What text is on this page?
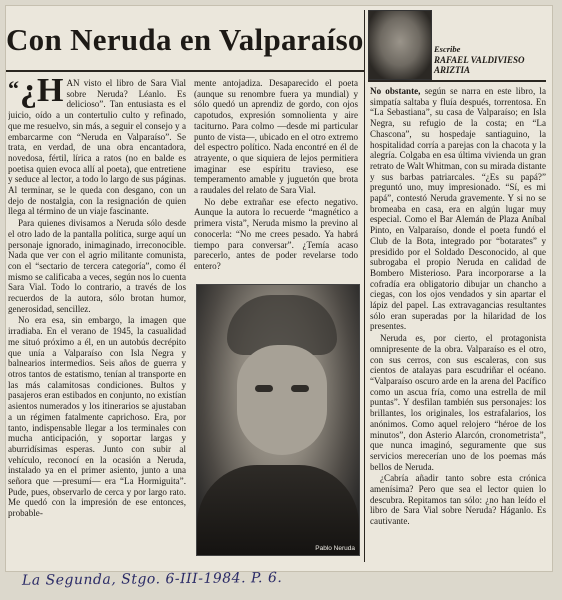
Con Neruda en Valparaíso	Escribe
RAFAEL VALDIVIESO
ARIZTIA

“ ¿H AN visto el libro de Sara Vial sobre Neruda? Léanlo. Es delicioso”. Tan entusiasta es el juicio, oído a un contertulio culto y refinado, que me resuelvo, sin más, a seguir el consejo y a embarcarme con “Neruda en Valparaíso”. Se trata, en verdad, de una obra encantadora, novedosa, fértil, lírica a ratos (no en balde es poetisa quien evoca allí al poeta), que entretiene y seduce al lector, a todo lo largo de sus páginas. Al terminar, se le queda con desgano, con un dejo de nostalgia, con la resignación de quien llega al término de un viaje fascinante.

Para quienes divisamos a Neruda sólo desde el otro lado de la pantalla política, surge aquí un personaje ignorado, inimaginado, irreconocible. Nada que ver con el agrio militante comunista, con el “sectario de tercera categoría”, como él mismo se calificaba a veces, según nos lo cuenta Sara Vial. Todo lo contrario, a través de los recuerdos de la autora, sólo brotan humor, generosidad, sencillez.

No era esa, sin embargo, la imagen que irradiaba. En el verano de 1945, la casualidad me situó próximo a él, en un autobús decrépito que unía a Valparaíso con Isla Negra y balnearios intermedios. Seis años de guerra y otros tantos de estatismo, tenían al transporte en las más calamitosas condiciones. Bultos y pasajeros eran estibados en conjunto, no existían asientos numerados y los itinerarios se ajustaban a un régimen fatalmente caprichoso. Era, por tanto, indispensable llegar a los terminales con mucha anticipación, y soportar largas y aburridísimas esperas. Junto con subir al vehículo, reconocí en la ocasión a Neruda, instalado ya en el primer asiento, junto a una señora que —presumí— era “La Hormiguita”. Pude, pues, observarlo de cerca y por largo rato. Me quedó con la impresión de ese entonces, probable-

mente antojadiza. Desaparecido el poeta (aunque su renombre fuera ya mundial) y sólo quedó un aprendiz de gordo, con ojos capotudos, expresión somnolienta y aire taciturno. Para colmo —desde mi particular punto de vista—, ubicado en el otro extremo del espectro político. Nada encontré en él de atrayente, o que siquiera de lejos permitiera imaginar ese espíritu travieso, ese temperamento amable y juguetón que brota a raudales del relato de Sara Vial.

No debe extrañar ese efecto negativo. Aunque la autora lo recuerde “magnético a primera vista”, Neruda mismo la previno al conocerla: “No me crees pesado. Ya habrá tiempo para conversar”. ¿Temía acaso parecerlo, antes de poder revelarse todo entero?

Pablo Neruda

No obstante, según se narra en este libro, la simpatía saltaba y fluía después, torrentosa. En “La Sebastiana”, su casa de Valparaíso; en Isla Negra, su refugio de la costa; en “La Chascona”, su hospedaje santiaguino, la hospitalidad corría a parejas con la chacota y la alegría. Colgaba en esa última vivienda un gran retrato de Walt Whitman, con su mirada distante y sus barbas patriarcales. “¿Es su papá?” preguntó uno, muy impresionado. “Sí, es mi papá”, contestó Neruda gravemente. Y si no se bromeaba en casa, era en algún lugar muy especial. Como el Bar Alemán de Plaza Aníbal Pinto, en Valparaíso, donde el poeta fundó el Club de la Bota, integrado por “botarates” y presidido por el Soldado Desconocido, al que subrogaba el propio Neruda en calidad de Bombero Misterioso. Para incorporarse a la cofradía era obligatorio dibujar un chancho a ciegas, con los ojos vendados y sin apartar el lápiz del papel. Las extravagancias resultantes sólo eran superadas por la hilaridad de los presentes.

Neruda es, por cierto, el protagonista omnipresente de la obra. Valparaíso es el otro, con sus cerros, con sus escaleras, con sus cientos de atalayas para escudriñar el océano. “Valparaíso oscuro arde en la arena del Pacífico como un ascua fría, como una estrella de mil puntas”. Y desfilan también sus personajes: los brillantes, los originales, los estrafalarios, los anónimos. Como aquel relojero “héroe de los minutos”, don Asterio Alarcón, cronometrista”, que nunca imaginó, seguramente que sus servicios merecerían uno de los poemas más bellos de Neruda.

¿Cabría añadir tanto sobre esta crónica amenísima? Pero que sea el lector quien lo descubra. Repitamos tan sólo: ¿no han leído el libro de Sara Vial sobre Neruda? Háganlo. Es cautivante.

La Segunda, Stgo. 6-III-1984. P. 6.
